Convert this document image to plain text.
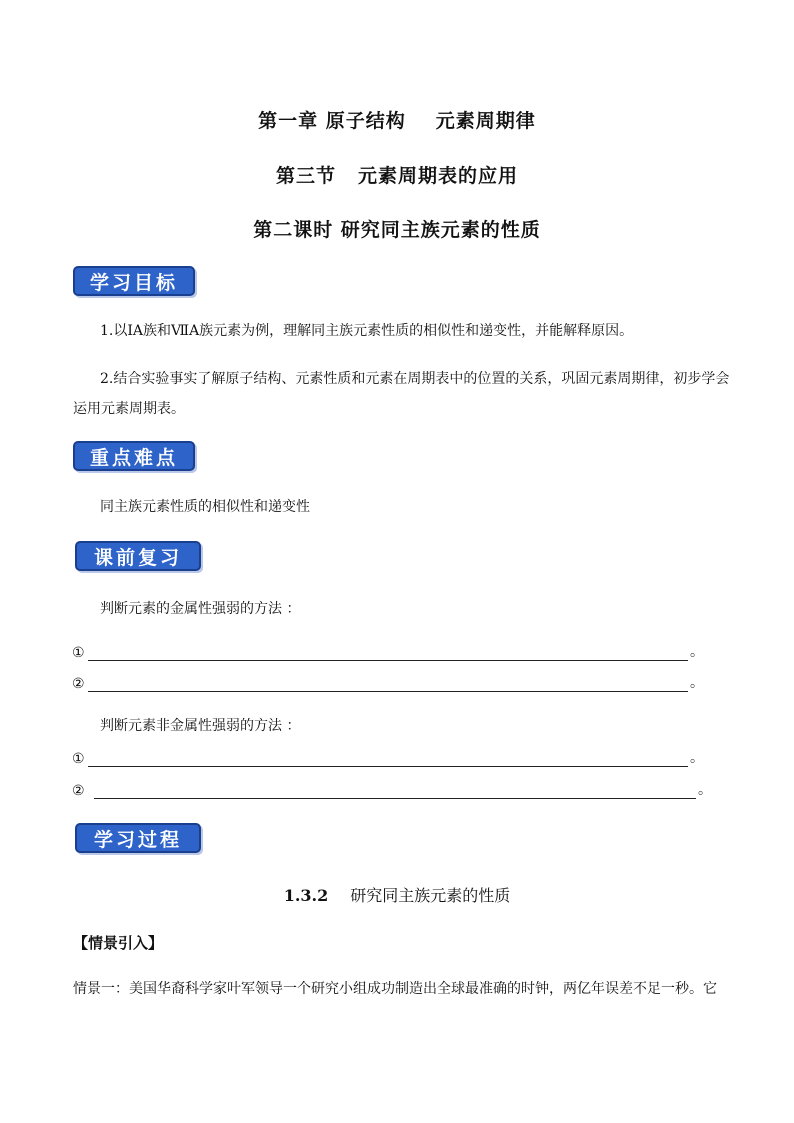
第一章 原子结构 元素周期律
第三节 元素周期表的应用
第二课时 研究同主族元素的性质
学习目标
1.以ⅠA族和ⅦA族元素为例，理解同主族元素性质的相似性和递变性，并能解释原因。
2.结合实验事实了解原子结构、元素性质和元素在周期表中的位置的关系，巩固元素周期律，初步学会运用元素周期表。
重点难点
同主族元素性质的相似性和递变性
课前复习
判断元素的金属性强弱的方法 ：
①	。
②	。
判断元素非金属性强弱的方法 ：
①	。
②	。
学习过程
1.3.2 研究同主族元素的性质
【情景引入】
情景一：美国华裔科学家叶军领导一个研究小组成功制造出全球最准确的时钟，两亿年误差不足一秒。它
